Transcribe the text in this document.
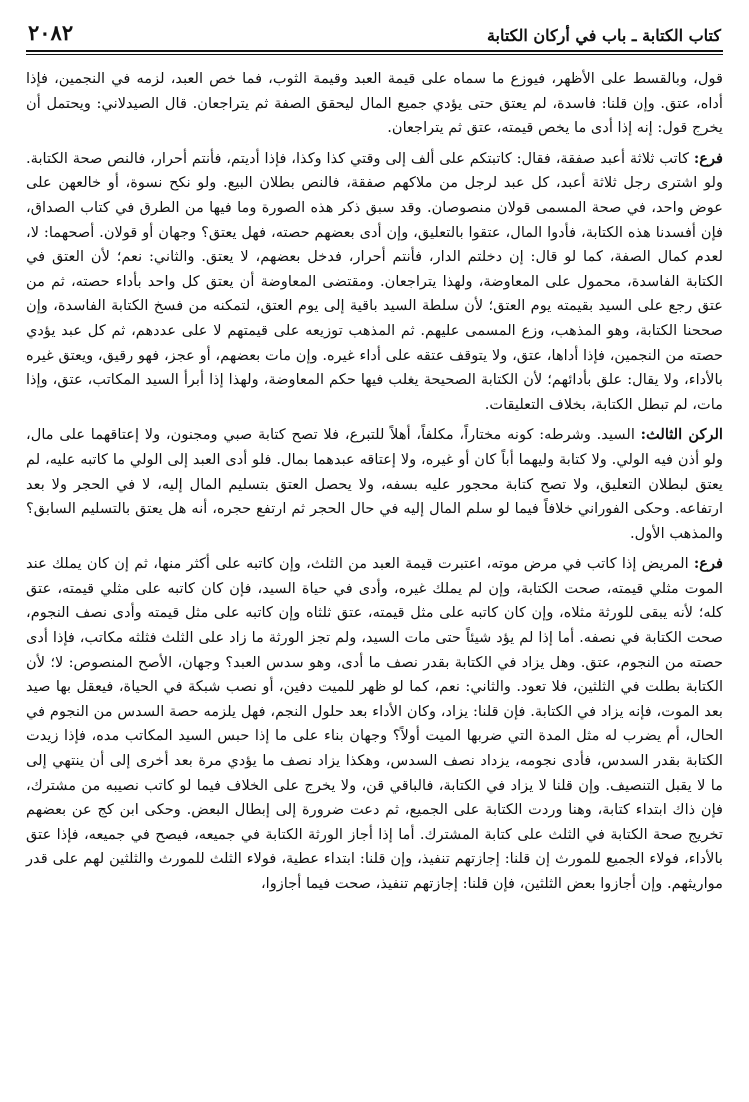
كتاب الكتابة ـ باب في أركان الكتابة
٢٠٨٢

قول، وبالقسط على الأظهر، فيوزع ما سماه على قيمة العبد وقيمة الثوب، فما خص العبد، لزمه في النجمين، فإذا أداه، عتق. وإن قلنا: فاسدة، لم يعتق حتى يؤدي جميع المال ليحقق الصفة ثم يتراجعان. قال الصيدلاني: ويحتمل أن يخرج قول: إنه إذا أدى ما يخص قيمته، عتق ثم يتراجعان.

فرع: كاتب ثلاثة أعبد صفقة، فقال: كاتبتكم على ألف إلى وقتي كذا وكذا، فإذا أديتم، فأنتم أحرار، فالنص صحة الكتابة. ولو اشترى رجل ثلاثة أعبد، كل عبد لرجل من ملاكهم صفقة، فالنص بطلان البيع. ولو نكح نسوة، أو خالعهن على عوض واحد، في صحة المسمى قولان منصوصان. وقد سبق ذكر هذه الصورة وما فيها من الطرق في كتاب الصداق، فإن أفسدنا هذه الكتابة، فأدوا المال، عتقوا بالتعليق، وإن أدى بعضهم حصته، فهل يعتق؟ وجهان أو قولان. أصحهما: لا، لعدم كمال الصفة، كما لو قال: إن دخلتم الدار، فأنتم أحرار، فدخل بعضهم، لا يعتق. والثاني: نعم؛ لأن العتق في الكتابة الفاسدة، محمول على المعاوضة، ولهذا يتراجعان. ومقتضى المعاوضة أن يعتق كل واحد بأداء حصته، ثم من عتق رجع على السيد بقيمته يوم العتق؛ لأن سلطة السيد باقية إلى يوم العتق، لتمكنه من فسخ الكتابة الفاسدة، وإن صححنا الكتابة، وهو المذهب، وزع المسمى عليهم. ثم المذهب توزيعه على قيمتهم لا على عددهم، ثم كل عبد يؤدي حصته من النجمين، فإذا أداها، عتق، ولا يتوقف عتقه على أداء غيره. وإن مات بعضهم، أو عجز، فهو رقيق، ويعتق غيره بالأداء، ولا يقال: علق بأدائهم؛ لأن الكتابة الصحيحة يغلب فيها حكم المعاوضة، ولهذا إذا أبرأ السيد المكاتب، عتق، وإذا مات، لم تبطل الكتابة، بخلاف التعليقات.

الركن الثالث: السيد. وشرطه: كونه مختاراً، مكلفاً، أهلاً للتبرع، فلا تصح كتابة صبي ومجنون، ولا إعتاقهما على مال، ولو أذن فيه الولي. ولا كتابة وليهما أباً كان أو غيره، ولا إعتاقه عبدهما بمال. فلو أدى العبد إلى الولي ما كاتبه عليه، لم يعتق لبطلان التعليق، ولا تصح كتابة محجور عليه بسفه، ولا يحصل العتق بتسليم المال إليه، لا في الحجر ولا بعد ارتفاعه. وحكى الفوراني خلافاً فيما لو سلم المال إليه في حال الحجر ثم ارتفع حجره، أنه هل يعتق بالتسليم السابق؟ والمذهب الأول.

فرع: المريض إذا كاتب في مرض موته، اعتبرت قيمة العبد من الثلث، وإن كاتبه على أكثر منها، ثم إن كان يملك عند الموت مثلي قيمته، صحت الكتابة، وإن لم يملك غيره، وأدى في حياة السيد، فإن كان كاتبه على مثلي قيمته، عتق كله؛ لأنه يبقى للورثة مثلاه، وإن كان كاتبه على مثل قيمته، عتق ثلثاه وإن كاتبه على مثل قيمته وأدى نصف النجوم، صحت الكتابة في نصفه. أما إذا لم يؤد شيئاً حتى مات السيد، ولم تجز الورثة ما زاد على الثلث فثلثه مكاتب، فإذا أدى حصته من النجوم، عتق. وهل يزاد في الكتابة بقدر نصف ما أدى، وهو سدس العبد؟ وجهان، الأصح المنصوص: لا؛ لأن الكتابة بطلت في الثلثين، فلا تعود. والثاني: نعم، كما لو ظهر للميت دفين، أو نصب شبكة في الحياة، فيعقل بها صيد بعد الموت، فإنه يزاد في الكتابة. فإن قلنا: يزاد، وكان الأداء بعد حلول النجم، فهل يلزمه حصة السدس من النجوم في الحال، أم يضرب له مثل المدة التي ضربها الميت أولاً؟ وجهان بناء على ما إذا حبس السيد المكاتب مده، فإذا زيدت الكتابة بقدر السدس، فأدى نجومه، يزداد نصف السدس، وهكذا يزاد نصف ما يؤدي مرة بعد أخرى إلى أن ينتهي إلى ما لا يقبل التنصيف. وإن قلنا لا يزاد في الكتابة، فالباقي قن، ولا يخرج على الخلاف فيما لو كاتب نصيبه من مشترك، فإن ذاك ابتداء كتابة، وهنا وردت الكتابة على الجميع، ثم دعت ضرورة إلى إبطال البعض. وحكى ابن كج عن بعضهم تخريج صحة الكتابة في الثلث على كتابة المشترك. أما إذا أجاز الورثة الكتابة في جميعه، فيصح في جميعه، فإذا عتق بالأداء، فولاء الجميع للمورث إن قلنا: إجازتهم تنفيذ، وإن قلنا: ابتداء عطية، فولاء الثلث للمورث والثلثين لهم على قدر مواريثهم. وإن أجازوا بعض الثلثين، فإن قلنا: إجازتهم تنفيذ، صحت فيما أجازوا،
